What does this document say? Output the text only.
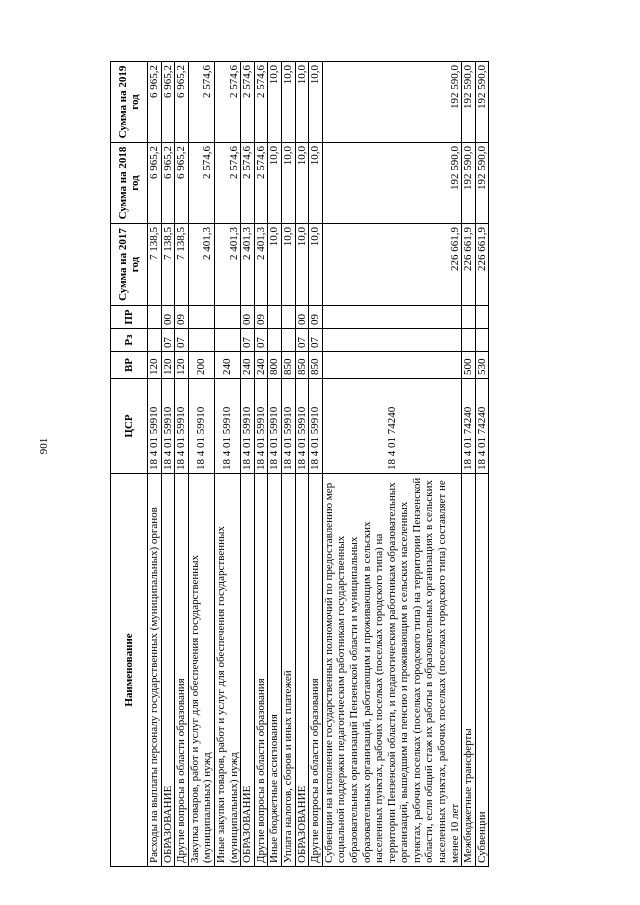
901
Наименование	ЦСР	ВР	Рз	ПР	Сумма на 2017 год	Сумма на 2018 год	Сумма на 2019 год
Расходы на выплаты персоналу государственных (муниципальных) органов	18 4 01 59910	120			7 138,5	6 965,2	6 965,2
ОБРАЗОВАНИЕ	18 4 01 59910	120	07	00	7 138,5	6 965,2	6 965,2
Другие вопросы в области образования	18 4 01 59910	120	07	09	7 138,5	6 965,2	6 965,2
Закупка товаров, работ и услуг для обеспечения государственных (муниципальных) нужд	18 4 01 59910	200			2 401,3	2 574,6	2 574,6
Иные закупки товаров, работ и услуг для обеспечения государственных (муниципальных) нужд	18 4 01 59910	240			2 401,3	2 574,6	2 574,6
ОБРАЗОВАНИЕ	18 4 01 59910	240	07	00	2 401,3	2 574,6	2 574,6
Другие вопросы в области образования	18 4 01 59910	240	07	09	2 401,3	2 574,6	2 574,6
Иные бюджетные ассигнования	18 4 01 59910	800			10,0	10,0	10,0
Уплата налогов, сборов и иных платежей	18 4 01 59910	850			10,0	10,0	10,0
ОБРАЗОВАНИЕ	18 4 01 59910	850	07	00	10,0	10,0	10,0
Другие вопросы в области образования	18 4 01 59910	850	07	09	10,0	10,0	10,0
Субвенции на исполнение государственных полномочий по предоставлению мер социальной поддержки педагогическим работникам государственных образовательных организаций Пензенской области и муниципальных образовательных организаций, работающим и проживающим в сельских населенных пунктах, рабочих поселках (поселках городского типа) на территории Пензенской области, и педагогическим работникам образовательных организаций, вышедшим на пенсию и проживающим в сельских населенных пунктах, рабочих поселках (поселках городского типа) на территории Пензенской области, если общий стаж их работы в образовательных организациях в сельских населенных пунктах, рабочих поселках (поселках городского типа) составляет не менее 10 лет	18 4 01 74240				226 661,9	192 590,0	192 590,0
Межбюджетные трансферты	18 4 01 74240	500			226 661,9	192 590,0	192 590,0
Субвенции	18 4 01 74240	530			226 661,9	192 590,0	192 590,0
